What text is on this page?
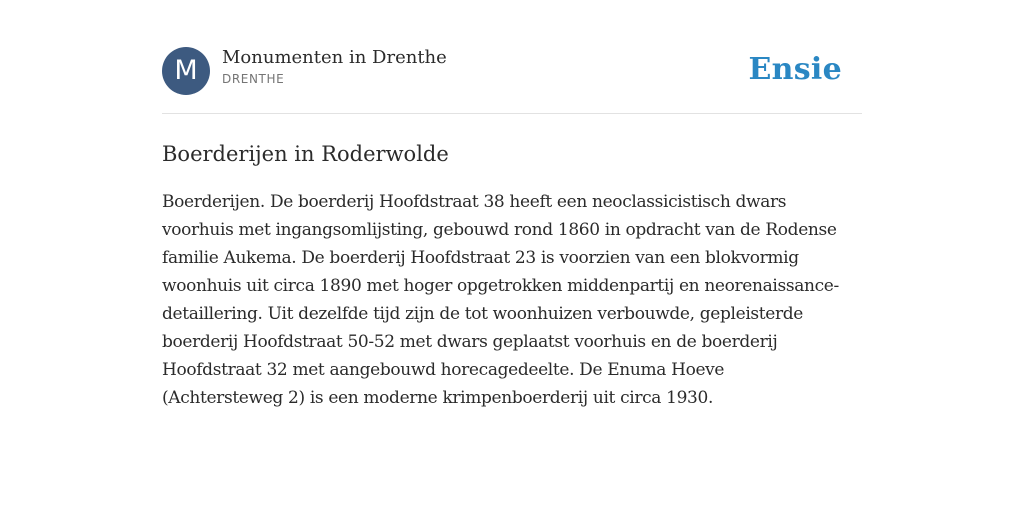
M	Monumenten in Drenthe
DRENTHE	Ensie
Boerderijen in Roderwolde

Boerderijen. De boerderij Hoofdstraat 38 heeft een neoclassicistisch dwars
voorhuis met ingangsomlijsting, gebouwd rond 1860 in opdracht van de Rodense
familie Aukema. De boerderij Hoofdstraat 23 is voorzien van een blokvormig
woonhuis uit circa 1890 met hoger opgetrokken middenpartij en neorenaissance-
detaillering. Uit dezelfde tijd zijn de tot woonhuizen verbouwde, gepleisterde
boerderij Hoofdstraat 50-52 met dwars geplaatst voorhuis en de boerderij
Hoofdstraat 32 met aangebouwd horecagedeelte. De Enuma Hoeve
(Achtersteweg 2) is een moderne krimpenboerderij uit circa 1930.
